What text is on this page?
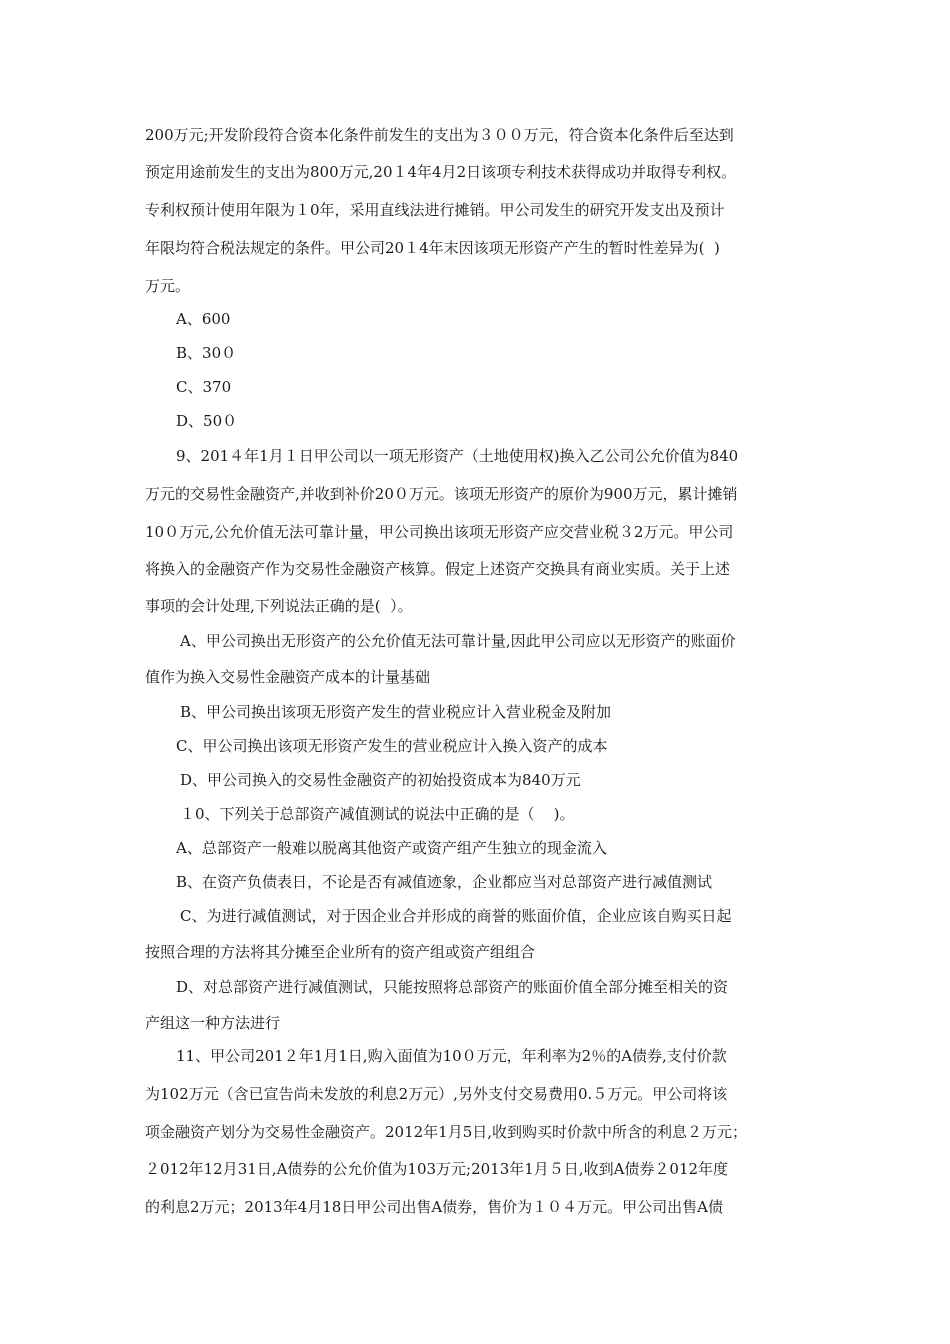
200万元;开发阶段符合资本化条件前发生的支出为３００万元，符合资本化条件后至达到
预定用途前发生的支出为800万元,20１4年4月2日该项专利技术获得成功并取得专利权。
专利权预计使用年限为１0年，采用直线法进行摊销。甲公司发生的研究开发支出及预计
年限均符合税法规定的条件。甲公司20１4年末因该项无形资产产生的暂时性差异为(  )
万元。
A、600
B、30０
C、370
D、50０
9、201４年1月１日甲公司以一项无形资产（土地使用权)换入乙公司公允价值为840
万元的交易性金融资产,并收到补价20０万元。该项无形资产的原价为900万元，累计摊销
10０万元,公允价值无法可靠计量，甲公司换出该项无形资产应交营业税３2万元。甲公司
将换入的金融资产作为交易性金融资产核算。假定上述资产交换具有商业实质。关于上述
事项的会计处理,下列说法正确的是(  ）。
A、甲公司换出无形资产的公允价值无法可靠计量,因此甲公司应以无形资产的账面价
值作为换入交易性金融资产成本的计量基础
B、甲公司换出该项无形资产发生的营业税应计入营业税金及附加
C、甲公司换出该项无形资产发生的营业税应计入换入资产的成本
D、甲公司换入的交易性金融资产的初始投资成本为840万元
１0、下列关于总部资产减值测试的说法中正确的是（    )。
A、总部资产一般难以脱离其他资产或资产组产生独立的现金流入
B、在资产负债表日，不论是否有减值迹象，企业都应当对总部资产进行减值测试
C、为进行减值测试，对于因企业合并形成的商誉的账面价值，企业应该自购买日起
按照合理的方法将其分摊至企业所有的资产组或资产组组合
D、对总部资产进行减值测试，只能按照将总部资产的账面价值全部分摊至相关的资
产组这一种方法进行
11、甲公司201２年1月1日,购入面值为10０万元，年利率为2％的A债券,支付价款
为102万元（含已宣告尚未发放的利息2万元）,另外支付交易费用0.５万元。甲公司将该
项金融资产划分为交易性金融资产。2012年1月5日,收到购买时价款中所含的利息２万元；
２012年12月31日,A债券的公允价值为103万元;2013年1月５日,收到A债券２012年度
的利息2万元；2013年4月18日甲公司出售A债券，售价为１０４万元。甲公司出售A债
